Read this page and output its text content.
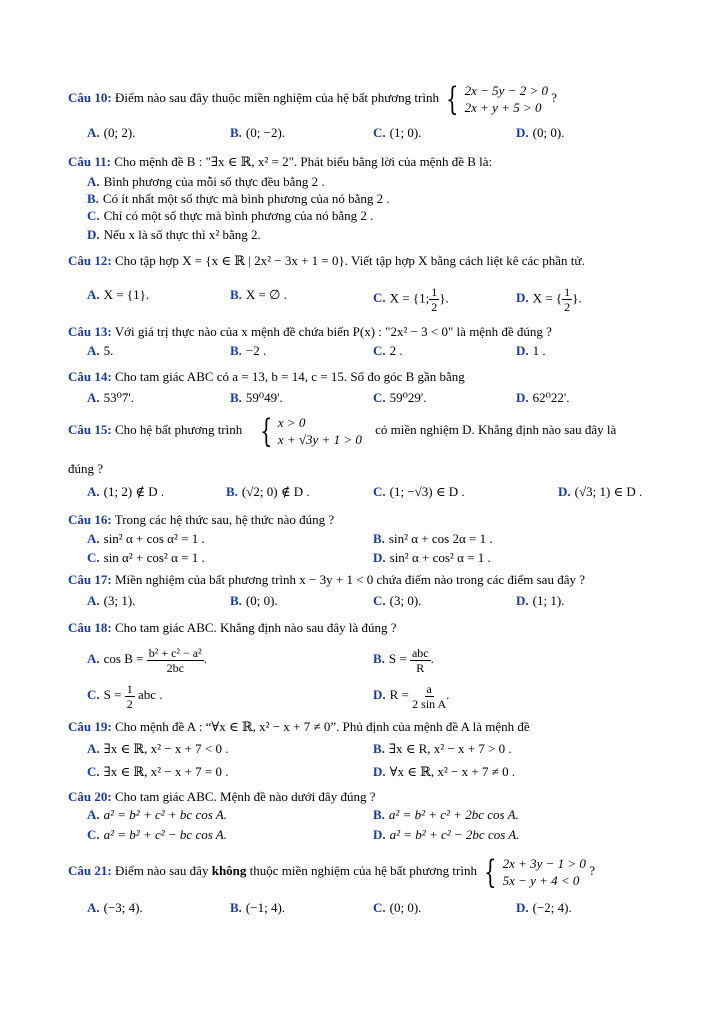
Câu 10: Điểm nào sau đây thuộc miền nghiệm của hệ bất phương trình { 2x − 5y − 2 > 0
2x + y + 5 > 0
?
A. (0; 2).	B. (0; −2).	C. (1; 0).	D. (0; 0).
Câu 11: Cho mệnh đề B : "∃x ∈ ℝ, x² = 2". Phát biểu bằng lời của mệnh đề B là:
A. Bình phương của mỗi số thực đều bằng 2 .
B. Có ít nhất một số thực mà bình phương của nó bằng 2 .
C. Chỉ có một số thực mà bình phương của nó bằng 2 .
D. Nếu x là số thực thì x² bằng 2.
Câu 12: Cho tập hợp X = {x ∈ ℝ | 2x² − 3x + 1 = 0}. Viết tập hợp X bằng cách liệt kê các phần tử.
A. X = {1}.	B. X = ∅ .	C. X = {1; $\frac{1}{2}$ }.	D. X = { $\frac{1}{2}$ }.
Câu 13: Với giá trị thực nào của x mệnh đề chứa biến P(x) : "2x² − 3 < 0" là mệnh đề đúng ?
A. 5.	B. −2 .	C. 2 .	D. 1 .
Câu 14: Cho tam giác ABC có a = 13, b = 14, c = 15. Số đo góc B gần bằng
A. 53⁰7'.	B. 59⁰49'.	C. 59⁰29'.	D. 62⁰22'.
Câu 15: Cho hệ bất phương trình { x > 0
x + √3y + 1 > 0
có miền nghiệm D. Khẳng định nào sau đây là
đúng ?
A. (1; 2) ∉ D .	B. (√2; 0) ∉ D .	C. (1; −√3) ∈ D .	D. (√3; 1) ∈ D .
Câu 16: Trong các hệ thức sau, hệ thức nào đúng ?
A. sin² α + cos α² = 1 .	B. sin² α + cos 2α = 1 .
C. sin α² + cos² α = 1 .	D. sin² α + cos² α = 1 .
Câu 17: Miền nghiệm của bất phương trình x − 3y + 1 < 0 chứa điểm nào trong các điểm sau đây ?
A. (3; 1).	B. (0; 0).	C. (3; 0).	D. (1; 1).
Câu 18: Cho tam giác ABC. Khẳng định nào sau đây là đúng ?
A. $\cos B = \frac{\text{b² + c² − a²}}{2bc}$ .	B. $S = \frac{\text{abc}}{R}$ .
C. $S = \frac{1}{2}$ abc .	D. $R = \frac{a}{\text{2 sin A}}$ .
Câu 19: Cho mệnh đề A : “∀x ∈ ℝ, x² − x + 7 ≠ 0”. Phủ định của mệnh đề A là mệnh đề
A. ∃x ∈ ℝ, x² − x + 7 < 0 .	B. ∃x ∈ R, x² − x + 7 > 0 .
C. ∃x ∈ ℝ, x² − x + 7 = 0 .	D. ∀x ∈ ℝ, x² − x + 7 ≠ 0 .
Câu 20: Cho tam giác ABC. Mệnh đề nào dưới đây đúng ?
A. a² = b² + c² + bc cos A.	B. a² = b² + c² + 2bc cos A.
C. a² = b² + c² − bc cos A.	D. a² = b² + c² − 2bc cos A.
Câu 21: Điểm nào sau đây không thuộc miền nghiệm của hệ bất phương trình { 2x + 3y − 1 > 0
5x − y + 4 < 0
?
A. (−3; 4).	B. (−1; 4).	C. (0; 0).	D. (−2; 4).
